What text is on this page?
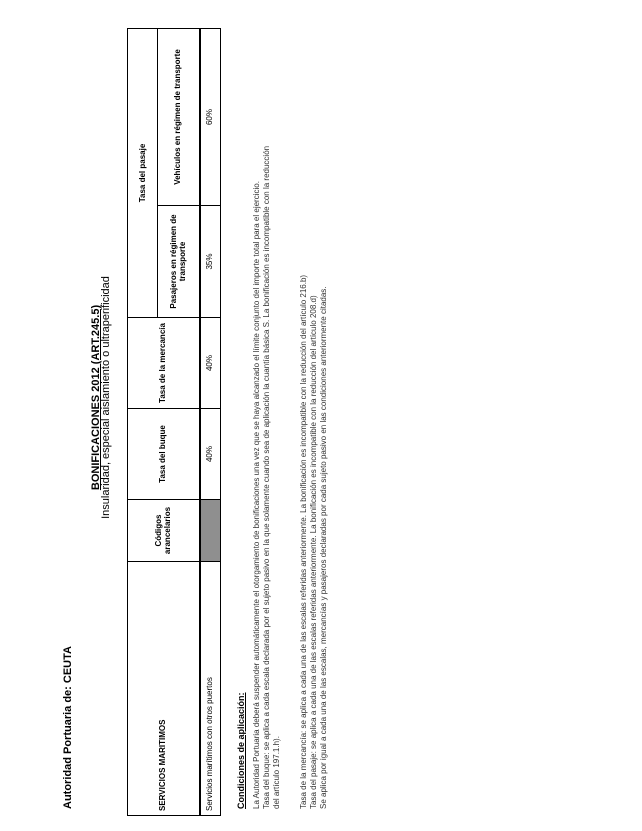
Autoridad Portuaria de: CEUTA
BONIFICACIONES 2012 (ART.245.5)
Insularidad, especial aislamiento o ultraperificidad
SERVICIOS MARITIMOS	Códigos arancelarios	Tasa del buque	Tasa de la mercancía	Tasa del pasaje	
				Pasajeros en régimen de transporte	Vehículos en régimen de transporte
Servicios marítimos con otros puertos		40%	40%	35%	60%
Condiciones de aplicación: La Autoridad Portuaria deberá suspender automáticamente el otorgamiento de bonificaciones una vez que se haya alcanzado el límite conjunto del importe total para el ejercicio. Tasa del buque: se aplica a cada escala declarada por el sujeto pasivo en la que solamente cuando sea de aplicación la cuantía básica S. La bonificación es incompatible con la reducción del artículo 197.1.h). Tasa de la mercancía: se aplica a cada una de las escalas referidas anteriormente. La bonificación es incompatible con la reducción del artículo 216.b) Tasa del pasaje: se aplica a cada una de las escalas referidas anteriormente. La bonificación es incompatible con la reducción del artículo 208.d) Se aplica por igual a cada una de las escalas, mercancías y pasajeros declaradas por cada sujeto pasivo en las condiciones anteriormente citadas.
